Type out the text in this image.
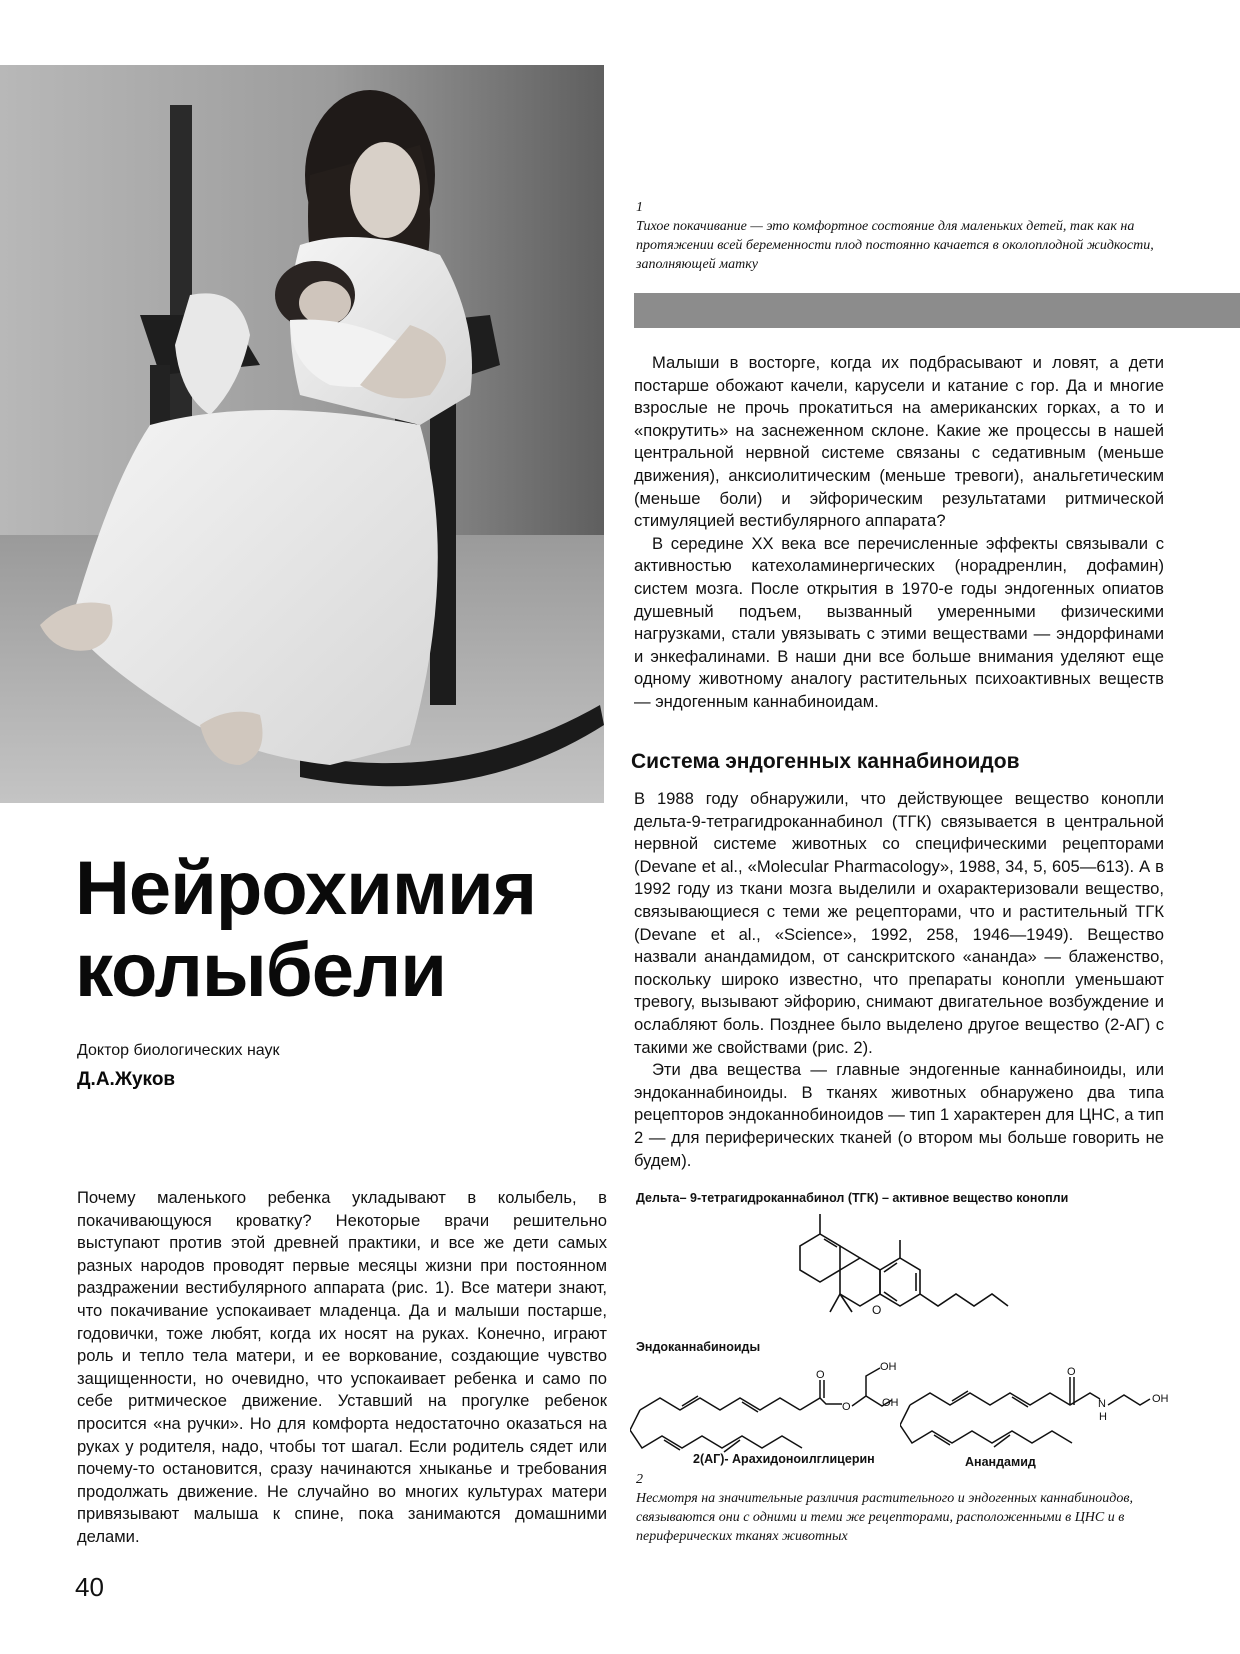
1
Тихое покачивание — это комфортное состояние для маленьких детей, так как на протяжении всей беременности плод постоянно качается в околоплодной жидкости, заполняющей матку

Малыши в восторге, когда их подбрасывают и ловят, а дети постарше обожают качели, карусели и катание с гор. Да и многие взрослые не прочь прокатиться на американских горках, а то и «покрутить» на заснеженном склоне. Какие же процессы в нашей центральной нервной системе связаны с седативным (меньше движения), анксиолитическим (меньше тревоги), анальгетическим (меньше боли) и эйфорическим результатами ритмической стимуляцией вестибулярного аппарата?

В середине XX века все перечисленные эффекты связывали с активностью катехоламинергических (норадренлин, дофамин) систем мозга. После открытия в 1970-е годы эндогенных опиатов душевный подъем, вызванный умеренными физическими нагрузками, стали увязывать с этими веществами — эндорфинами и энкефалинами. В наши дни все больше внимания уделяют еще одному животному аналогу растительных психоактивных веществ — эндогенным каннабиноидам.

Система эндогенных каннабиноидов

В 1988 году обнаружили, что действующее вещество конопли дельта-9-тетрагидроканнабинол (ТГК) связывается в центральной нервной системе животных со специфическими рецепторами (Devane et al., «Molecular Pharmacology», 1988, 34, 5, 605—613). А в 1992 году из ткани мозга выделили и охарактеризовали вещество, связывающиеся с теми же рецепторами, что и растительный ТГК (Devane et al., «Science», 1992, 258, 1946—1949). Вещество назвали анандамидом, от санскритского «ананда» — блаженство, поскольку широко известно, что препараты конопли уменьшают тревогу, вызывают эйфорию, снимают двигательное возбуждение и ослабляют боль. Позднее было выделено другое вещество (2-АГ) с такими же свойствами (рис. 2).

Эти два вещества — главные эндогенные каннабиноиды, или эндоканнабиноиды. В тканях животных обнаружено два типа рецепторов эндоканнобиноидов — тип 1 характерен для ЦНС, а тип 2 — для периферических тканей (о втором мы больше говорить не будем).

Нейрохимия
колыбели
Доктор биологических наук
Д.А.Жуков

Почему маленького ребенка укладывают в колыбель, в покачивающуюся кроватку? Некоторые врачи решительно выступают против этой древней практики, и все же дети самых разных народов проводят первые месяцы жизни при постоянном раздражении вестибулярного аппарата (рис. 1). Все матери знают, что покачивание успокаивает младенца. Да и малыши постарше, годовички, тоже любят, когда их носят на руках. Конечно, играют роль и тепло тела матери, и ее воркование, создающие чувство защищенности, но очевидно, что успокаивает ребенка и само по себе ритмическое движение. Уставший на прогулке ребенок просится «на ручки». Но для комфорта недостаточно оказаться на руках у родителя, надо, чтобы тот шагал. Если родитель сядет или почему-то остановится, сразу начинаются хныканье и требования продолжать движение. Не случайно во многих культурах матери привязывают малыша к спине, пока занимаются домашними делами.

Дельта– 9-тетрагидроканнабинол (ТГК) – активное вещество конопли
O
Эндоканнабиноиды
O
O
OH
OH
2(АГ)- Арахидоноилглицерин
O
N
H
OH
Анандамид
2
Несмотря на значительные различия растительного и эндогенных каннабиноидов, связываются они с одними и теми же рецепторами, расположенными в ЦНС и в периферических тканях животных
40
